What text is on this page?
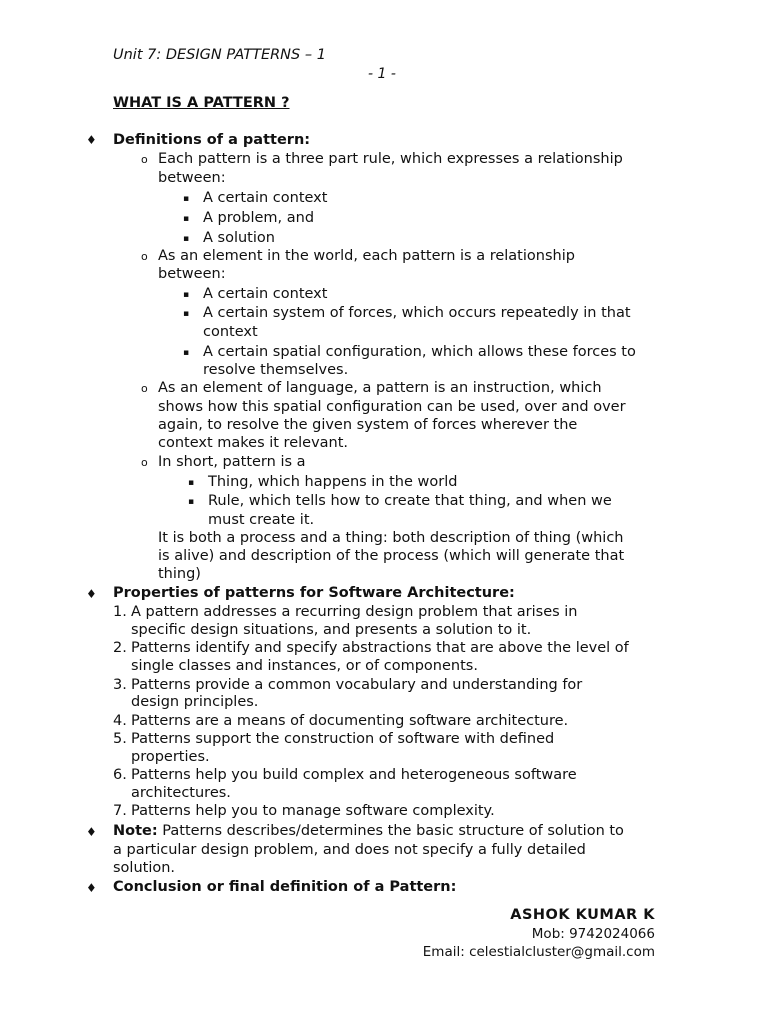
Unit 7: DESIGN PATTERNS – 1
- 1 -
WHAT IS A PATTERN ?
♦ Definitions of a pattern:
o Each pattern is a three part rule, which expresses a relationship
between:
▪ A certain context
▪ A problem, and
▪ A solution
o As an element in the world, each pattern is a relationship
between:
▪ A certain context
▪ A certain system of forces, which occurs repeatedly in that
context
▪ A certain spatial configuration, which allows these forces to
resolve themselves.
o As an element of language, a pattern is an instruction, which
shows how this spatial configuration can be used, over and over
again, to resolve the given system of forces wherever the
context makes it relevant.
o In short, pattern is a
▪ Thing, which happens in the world
▪ Rule, which tells how to create that thing, and when we
must create it.
It is both a process and a thing: both description of thing (which
is alive) and description of the process (which will generate that
thing)
♦ Properties of patterns for Software Architecture:
1. A pattern addresses a recurring design problem that arises in
specific design situations, and presents a solution to it.
2. Patterns identify and specify abstractions that are above the level of
single classes and instances, or of components.
3. Patterns provide a common vocabulary and understanding for
design principles.
4. Patterns are a means of documenting software architecture.
5. Patterns support the construction of software with defined
properties.
6. Patterns help you build complex and heterogeneous software
architectures.
7. Patterns help you to manage software complexity.
♦ Note: Patterns describes/determines the basic structure of solution to
a particular design problem, and does not specify a fully detailed
solution.
♦ Conclusion or final definition of a Pattern:
ASHOK KUMAR K
Mob: 9742024066
Email: celestialcluster@gmail.com
